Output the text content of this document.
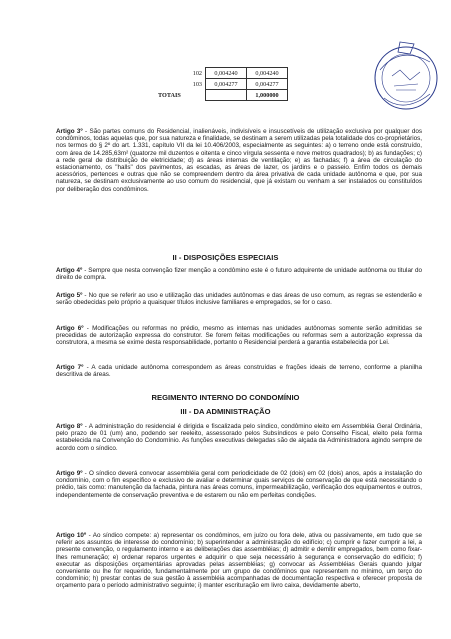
102	0,004240	0,004240
103	0,004277	0,004277
TOTAIS		1,000000
Artigo 3º - São partes comuns do Residencial, inalienáveis, indivisíveis e insuscetíveis de utilização exclusiva por qualquer dos condôminos, todas aquelas que, por sua natureza e finalidade, se destinam a serem utilizadas pela totalidade dos co-proprietários, nos termos do § 2º do art. 1.331, capítulo VII da lei 10.406/2003, especialmente as seguintes: a) o terreno onde está construído, com área de 14.285,63m² (quatorze mil duzentos e oitenta e cinco vírgula sessenta e nove metros quadrados); b) as fundações; c) a rede geral de distribuição de eletricidade; d) as áreas internas de ventilação; e) as fachadas; f) a área de circulação do estacionamento, os "halls" dos pavimentos, as escadas, as áreas de lazer, os jardins e o passeio. Enfim todos os demais acessórios, pertences e outras que não se compreendem dentro da área privativa de cada unidade autônoma e que, por sua natureza, se destinam exclusivamente ao uso comum do residencial, que já existam ou venham a ser instalados ou constituídos por deliberação dos condôminos.
II - DISPOSIÇÕES ESPECIAIS
Artigo 4º - Sempre que nesta convenção fizer menção a condômino este é o futuro adquirente de unidade autônoma ou titular do direito de compra.
Artigo 5º - No que se referir ao uso e utilização das unidades autônomas e das áreas de uso comum, as regras se estenderão e serão obedecidas pelo próprio a quaisquer títulos inclusive familiares e empregados, se for o caso.
Artigo 6º - Modificações ou reformas no prédio, mesmo as internas nas unidades autônomas somente serão admitidas se precedidas de autorização expressa do construtor. Se forem feitas modificações ou reformas sem a autorização expressa da construtora, a mesma se exime desta responsabilidade, portanto o Residencial perderá a garantia estabelecida por Lei.
Artigo 7º - A cada unidade autônoma correspondem as áreas construídas e frações ideais de terreno, conforme a planilha descritiva de áreas.
REGIMENTO INTERNO DO CONDOMÍNIO
III - DA ADMINISTRAÇÃO
Artigo 8º - A administração do residencial é dirigida e fiscalizada pelo síndico, condômino eleito em Assembléia Geral Ordinária, pelo prazo de 01 (um) ano, podendo ser reeleito, assessorado pelos Subsíndicos e pelo Conselho Fiscal, eleito pela forma estabelecida na Convenção do Condomínio. As funções executivas delegadas são de alçada da Administradora agindo sempre de acordo com o síndico.
Artigo 9º - O síndico deverá convocar assembléia geral com periodicidade de 02 (dois) em 02 (dois) anos, após a instalação do condomínio, com o fim específico e exclusivo de avaliar e determinar quais serviços de conservação de que está necessitando o prédio, tais como: manutenção da fachada, pintura nas áreas comuns, impermeabilização, verificação dos equipamentos e outros, independentemente de conservação preventiva e de estarem ou não em perfeitas condições.
Artigo 10º - Ao síndico compete: a) representar os condôminos, em juízo ou fora dele, ativa ou passivamente, em tudo que se referir aos assuntos de interesse do condomínio; b) superintender a administração do edifício; c) cumprir e fazer cumprir a lei, a presente convenção, o regulamento interno e as deliberações das assembléias; d) admitir e demitir empregados, bem como fixar-lhes remuneração; e) ordenar reparos urgentes e adquirir o que seja necessário à segurança e conservação do edifício; f) executar as disposições orçamentárias aprovadas pelas assembléias; g) convocar as Assembléias Gerais quando julgar conveniente ou lhe for requerido, fundamentalmente por um grupo de condôminos que representem no mínimo, um terço do condomínio; h) prestar contas de sua gestão à assembléia acompanhadas de documentação respectiva e oferecer proposta de orçamento para o período administrativo seguinte; i) manter escrituração em livro caixa, devidamente aberto,
